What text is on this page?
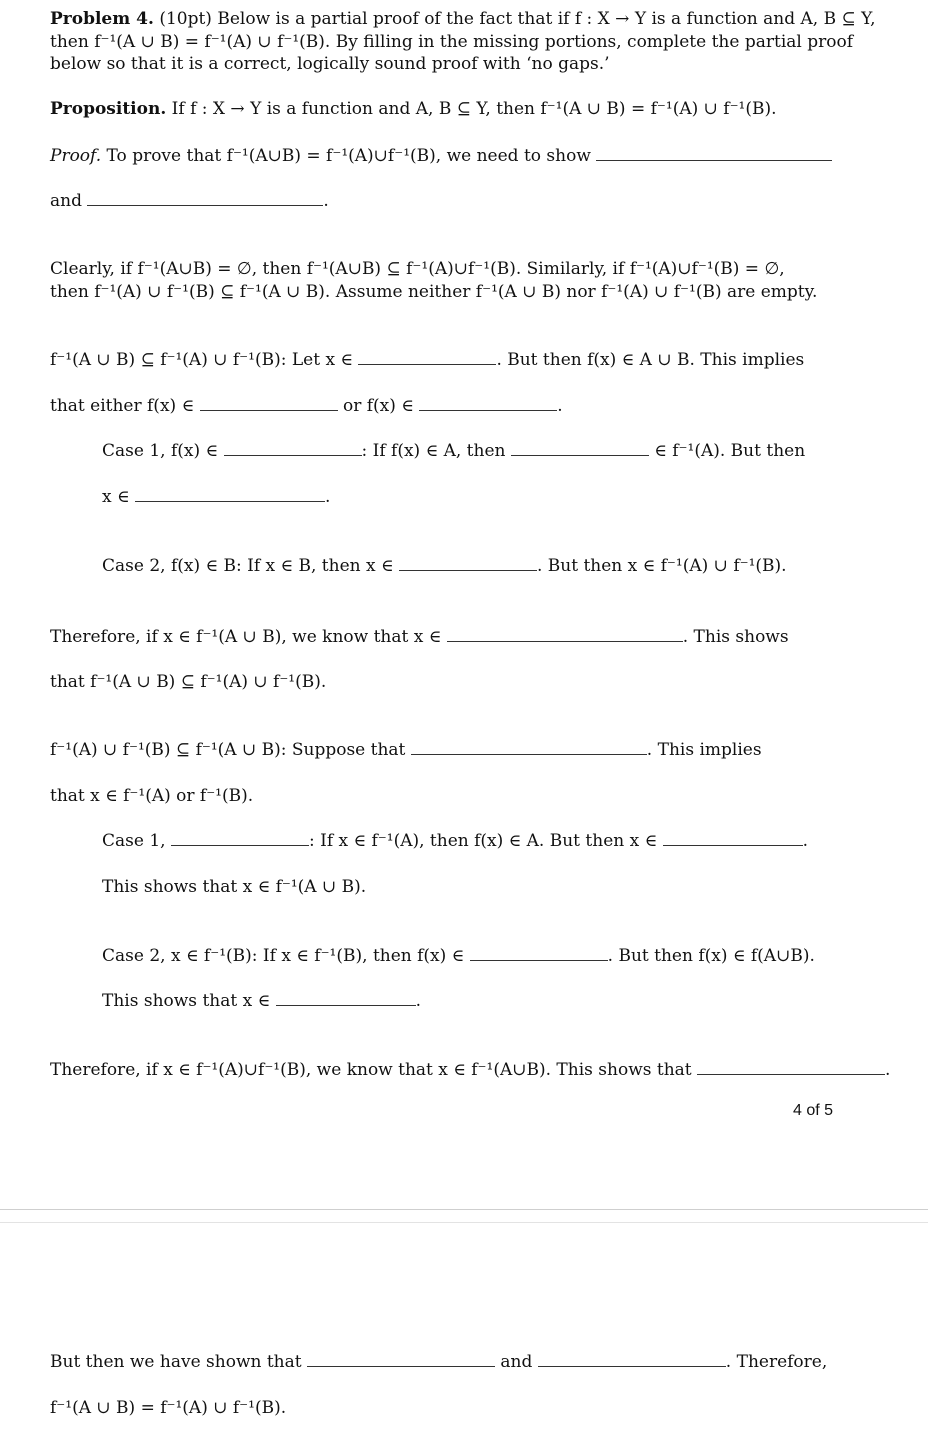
Problem 4. (10pt) Below is a partial proof of the fact that if f : X → Y is a function and A, B ⊆ Y,
then f⁻¹(A ∪ B) = f⁻¹(A) ∪ f⁻¹(B). By filling in the missing portions, complete the partial proof
below so that it is a correct, logically sound proof with ‘no gaps.’
Proposition. If f : X → Y is a function and A, B ⊆ Y, then f⁻¹(A ∪ B) = f⁻¹(A) ∪ f⁻¹(B).
Proof. To prove that f⁻¹(A∪B) = f⁻¹(A)∪f⁻¹(B), we need to show
and	.
Clearly, if f⁻¹(A∪B) = ∅, then f⁻¹(A∪B) ⊆ f⁻¹(A)∪f⁻¹(B). Similarly, if f⁻¹(A)∪f⁻¹(B) = ∅,
then f⁻¹(A) ∪ f⁻¹(B) ⊆ f⁻¹(A ∪ B). Assume neither f⁻¹(A ∪ B) nor f⁻¹(A) ∪ f⁻¹(B) are empty.
f⁻¹(A ∪ B) ⊆ f⁻¹(A) ∪ f⁻¹(B): Let x ∈	. But then f(x) ∈ A ∪ B. This implies
that either f(x) ∈	or f(x) ∈	.
Case 1, f(x) ∈	: If f(x) ∈ A, then	∈ f⁻¹(A). But then
x ∈	.
Case 2, f(x) ∈ B: If x ∈ B, then x ∈	. But then x ∈ f⁻¹(A) ∪ f⁻¹(B).
Therefore, if x ∈ f⁻¹(A ∪ B), we know that x ∈	. This shows
that f⁻¹(A ∪ B) ⊆ f⁻¹(A) ∪ f⁻¹(B).
f⁻¹(A) ∪ f⁻¹(B) ⊆ f⁻¹(A ∪ B): Suppose that	. This implies
that x ∈ f⁻¹(A) or f⁻¹(B).
Case 1,	: If x ∈ f⁻¹(A), then f(x) ∈ A. But then x ∈	.
This shows that x ∈ f⁻¹(A ∪ B).
Case 2, x ∈ f⁻¹(B): If x ∈ f⁻¹(B), then f(x) ∈	. But then f(x) ∈ f(A∪B).
This shows that x ∈	.
Therefore, if x ∈ f⁻¹(A)∪f⁻¹(B), we know that x ∈ f⁻¹(A∪B). This shows that	.
4 of 5
But then we have shown that	and	. Therefore,
f⁻¹(A ∪ B) = f⁻¹(A) ∪ f⁻¹(B).
